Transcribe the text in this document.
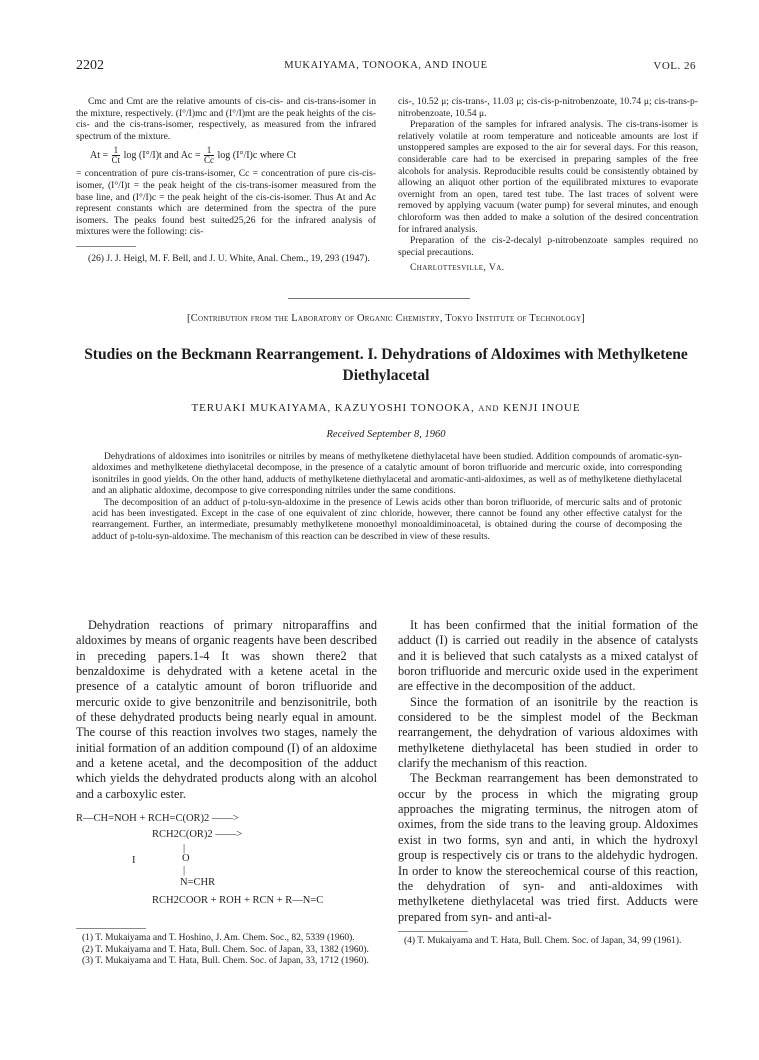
2202	MUKAIYAMA, TONOOKA, AND INOUE	VOL. 26

Cmc and Cmt are the relative amounts of cis-cis- and cis-trans-isomer in the mixture, respectively. (I°/I)mc and (I°/I)mt are the peak heights of the cis-cis- and the cis-trans-isomer, respectively, as measured from the infrared spectrum of the mixture.

$At = \frac{1}{Ct}$ log (I°/I)t and $Ac = \frac{1}{Cc}$ log (I°/I)c where Ct

= concentration of pure cis-trans-isomer, Cc = concentration of pure cis-cis-isomer, (I°/I)t = the peak height of the cis-trans-isomer measured from the base line, and (I°/I)c = the peak height of the cis-cis-isomer. Thus At and Ac represent constants which are determined from the spectra of the pure isomers. The peaks found best suited25,26 for the infrared analysis of mixtures were the following: cis-

(26) J. J. Heigl, M. F. Bell, and J. U. White, Anal. Chem., 19, 293 (1947).

cis-, 10.52 μ; cis-trans-, 11.03 μ; cis-cis-p-nitrobenzoate, 10.74 μ; cis-trans-p-nitrobenzoate, 10.54 μ.

Preparation of the samples for infrared analysis. The cis-trans-isomer is relatively volatile at room temperature and noticeable amounts are lost if unstoppered samples are exposed to the air for several days. For this reason, considerable care had to be exercised in preparing samples of the free alcohols for analysis. Reproducible results could be consistently obtained by allowing an aliquot other portion of the equilibrated mixtures to evaporate overnight from an open, tared test tube. The last traces of solvent were removed by applying vacuum (water pump) for several minutes, and enough chloroform was then added to make a solution of the desired concentration for infrared analysis.

Preparation of the cis-2-decalyl p-nitrobenzoate samples required no special precautions.

Charlottesville, Va.

[Contribution from the Laboratory of Organic Chemistry, Tokyo Institute of Technology]
Studies on the Beckmann Rearrangement. I. Dehydrations of Aldoximes with Methylketene Diethylacetal
TERUAKI MUKAIYAMA, KAZUYOSHI TONOOKA, AND KENJI INOUE
Received September 8, 1960

Dehydrations of aldoximes into isonitriles or nitriles by means of methylketene diethylacetal have been studied. Addition compounds of aromatic-syn-aldoximes and methylketene diethylacetal decompose, in the presence of a catalytic amount of boron trifluoride and mercuric oxide, into corresponding isonitriles in good yields. On the other hand, adducts of methylketene diethylacetal and aromatic-anti-aldoximes, as well as of methylketene diethylacetal and an aliphatic aldoxime, decompose to give corresponding nitriles under the same conditions.

The decomposition of an adduct of p-tolu-syn-aldoxime in the presence of Lewis acids other than boron trifluoride, of mercuric salts and of protonic acid has been investigated. Except in the case of one equivalent of zinc chloride, however, there cannot be found any other effective catalyst for the rearrangement. Further, an intermediate, presumably methylketene monoethyl monoaldiminoacetal, is obtained during the course of decomposing the adduct of p-tolu-syn-aldoxime. The mechanism of this reaction can be described in view of these results.

Dehydration reactions of primary nitroparaffins and aldoximes by means of organic reagents have been described in preceding papers.1-4 It was shown there2 that benzaldoxime is dehydrated with a ketene acetal in the presence of a catalytic amount of boron trifluoride and mercuric oxide to give benzonitrile and benzisonitrile, both of these dehydrated products being nearly equal in amount. The course of this reaction involves two stages, namely the initial formation of an addition compound (I) of an aldoxime and a ketene acetal, and the decomposition of the adduct which yields the dehydrated products along with an alcohol and a carboxylic ester.

R—CH=NOH + RCH=C(OR)2 ——>
RCH2C(OR)2 ——>
|
I	O
|
N=CHR
RCH2COOR + ROH + RCN + R—N=C

(1) T. Mukaiyama and T. Hoshino, J. Am. Chem. Soc., 82, 5339 (1960).

(2) T. Mukaiyama and T. Hata, Bull. Chem. Soc. of Japan, 33, 1382 (1960).

(3) T. Mukaiyama and T. Hata, Bull. Chem. Soc. of Japan, 33, 1712 (1960).

It has been confirmed that the initial formation of the adduct (I) is carried out readily in the absence of catalysts and it is believed that such catalysts as a mixed catalyst of boron trifluoride and mercuric oxide used in the experiment are effective in the decomposition of the adduct.

Since the formation of an isonitrile by the reaction is considered to be the simplest model of the Beckman rearrangement, the dehydration of various aldoximes with methylketene diethylacetal has been studied in order to clarify the mechanism of this reaction.

The Beckman rearrangement has been demonstrated to occur by the process in which the migrating group approaches the migrating terminus, the nitrogen atom of oximes, from the side trans to the leaving group. Aldoximes exist in two forms, syn and anti, in which the hydroxyl group is respectively cis or trans to the aldehydic hydrogen. In order to know the stereochemical course of this reaction, the dehydration of syn- and anti-aldoximes with methylketene diethylacetal was tried first. Adducts were prepared from syn- and anti-al-

(4) T. Mukaiyama and T. Hata, Bull. Chem. Soc. of Japan, 34, 99 (1961).
